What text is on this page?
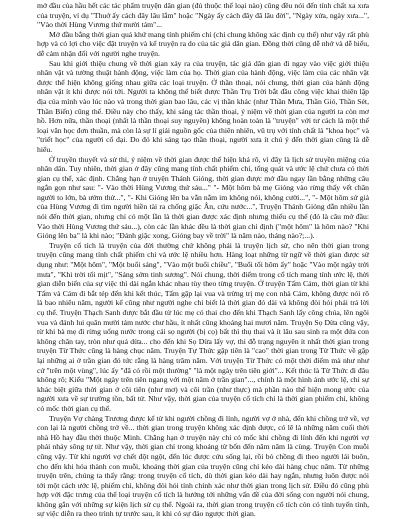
mở đầu của hầu hết các tác phẩm truyện dân gian (đủ thuộc thể loại nào) cũng đều nói đến tính chất xa xưa của truyện, ví dụ "Thuở ấy cách đây lâu lắm" hoặc "Ngày ấy cách đây đã lâu đời", "Ngày xửa, ngày xưa...", "Vào thời Hùng Vương thứ mười tám"...

Mở đầu bằng thời gian quá khứ mang tính phiếm chỉ (chỉ chung không xác định cụ thể) như vậy rất phù hợp và có lợi cho việc đặt truyện và kể truyện ra do của tác giả dân gian. Đồng thời cũng dễ nhớ và dễ hiểu, dễ cảm nhận đối với người nghe truyện.

Sau khi giới thiệu chung về thời gian xảy ra của truyện, tác giả dân gian đi ngay vào việc giới thiệu nhân vật và tường thuật hành động, việc làm của họ. Thời gian của hành động, việc làm của các nhân vật được thể hiện không giống nhau giữa các loại truyện. Ở thần thoại, nói chung, thời gian của hành động nhân vật ít khi được nói tới. Người ta không thể biết được Thần Trụ Trời bắt đầu công việc khai thiên lập địa của mình vào lúc nào và trong thời gian bao lâu, các vị thần khác (như Thần Mưa, Thần Gió, Thần Sét, Thần Biển) cũng thế. Điều này cho thấy, khi sáng tác thần thoại, ý niệm về thời gian của người ta còn mơ hồ. Hơn nữa, thần thoại (nhất là thần thoại suy nguyên) không hoàn toàn là "truyện" với tư cách là một thể loại văn học đơn thuần, mà còn là sự lí giải nguồn gốc của thiên nhiên, vũ trụ với tính chất là "khoa học" và "triết học" của người cổ đại. Do đó khi sáng tạo thần thoại, người xưa ít chú ý đến thời gian cũng là dễ hiểu.

Ở truyền thuyết và sử thi, ý niệm về thời gian được thể hiện khá rõ, vì đây là lịch sử truyền miệng của nhân dân. Tuy nhiên, thời gian ở đây cũng mang tính chất phiếm chỉ, tổng quát và ước lệ chứ chưa có thời gian cụ thể, xác định. Chẳng hạn ở truyện Thánh Gióng, thời gian được mở đầu ngay lần bằng những câu ngắn gọn như sau: "- Vào thời Hùng Vương thứ sáu..." "- Một hôm bà mẹ Gióng vào rừng thấy vết chân người to lớn, bà ướm thử...", "- Khi Gióng lên ba vẫn nằm im không nói, không cười...", "- Một hôm sứ giả của Hùng Vương đi tìm người hiền tài ra chống giặc Ân, cứu nước...", Truyện Thánh Gióng dẫn nhiều lần nói đến thời gian, nhưng chỉ có một lần là thời gian được xác định nhưng thiếu cụ thể (đó là câu mở đầu: Vào thời Hùng Vương thứ sáu...), còn các lần khác đều là thời gian chỉ định ("một hôm" là hôm nào? "Khi Gióng lên ba" là khi nào; "Đánh giặc xong, Gióng bay về trời" là năm nào, tháng nào?;...).

Truyện cổ tích là truyện của đời thường chứ không phải là truyện lịch sử, cho nên thời gian trong truyện cũng mang tính chất phiếm chỉ và ước lệ nhiều hơn. Hàng loạt những từ ngữ về thời gian được sử dụng như: "Một hôm", "Một buổi sáng", "Vào một buổi chiều", "Buổi tối hôm ấy" hoặc "Vào một ngày trời mưa", "Khi trời tối mịt", "Sáng sớm tinh sương". Nói chung, thời điểm trong cổ tích mang tính ước lệ, thời gian diễn biến của sự việc thì dài ngắn khác nhau tùy theo từng truyện. Ở truyện Tấm Cám, thời gian từ khi Tấm và Cám đi bắt tép đến khi kết thúc, Tấm gặp lại vua và trừng trị mẹ con nhà Cám, không được nói rõ là bao nhiêu năm, người kể cũng như người nghe chỉ biết là thời gian đó dài và không đòi hỏi phải trả lời cụ thể. Truyện Thạch Sanh được bắt đầu từ lúc mẹ có thai cho đến khi Thạch Sanh lấy công chúa, lên ngôi vua và đánh lui quân mười tám nước chư hầu, ít nhất cũng khoảng hai mươi năm. Truyện Sọ Dừa cũng vậy, từ khi bà mẹ đi rừng uống nước trong cái sọ người (bị cọ) bất thì thụ thai và ít lâu sau sinh ra một đứa con không chân tay, tròn như quả dừa... cho đến khi Sọ Dừa lấy vợ, thi đỗ trạng nguyên ít nhất thời gian trong truyện Từ Thức cũng là hàng chục năm. Truyện Tự Thức gặp tiên là "cao" thời gian trong Từ Thức về gặp lại những ai ở trần gian đó tức rằng là hàng trăm năm. Với truyện Từ Thức có một thời điểm mà như như cứ "trên một vùng", lúc ấy "đã có rồi một thường" "là một ngày trên tiên giới"... Kết thúc là Từ Thức đi đâu không rõ; Kiểu "Một ngày trên tiên ngang với một năm ở trần gian"..., chính là một hình ảnh ước lệ, chỉ sự khác biệt giữa thời gian ở cõi tiên (như mơ) và cõi trần (như thực) mà phần nào thể hiện mong ước của người xưa về sự trường tồn, bất tử. Như vậy, thời gian của truyện cổ tích chỉ là thời gian phiếm chỉ, không có mốc thời gian cụ thể.

Truyện Vợ chàng Trương được kể từ khi người chồng đi lính, người vợ ở nhà, đến khi chồng trở về, vợ con lại là người chồng trở về... thời gian trong truyện không xác định được, có lẽ là những năm cuối thời nhà Hồ hay đầu thời thuộc Minh. Chẳng hạn ở truyện này chỉ có mốc khi chồng đi lính đến khi người vợ phải nhảy sông tự tử. Như vậy, thời gian chỉ trong khoảng từ bốn đến năm năm là cùng. Truyện Con muỗi cũng vậy. Từ khi người vợ chết đột ngột, đến lúc được cứu sống lại, rồi bỏ chồng đi theo người lái buôn, cho đến khi hóa thành con muỗi, khoảng thời gian của truyện cũng chỉ kéo dài hàng chục năm. Từ những truyện trên, chúng ta thấy rằng: trong truyện cổ tích, dù thời gian kéo dài hay ngắn, nhưng luôn được nói tới một cách ước lệ, phiếm chỉ, không đòi hỏi tính chính xác như thời gian trong lịch sử. Điều đó cũng phù hợp với đặc trưng của thể loại truyện cổ tích là hướng tới những vấn đề của đời sống con người nói chung, không gắn với những sự kiện lịch sử cụ thể. Ngoài ra, thời gian trong truyện cổ tích còn có tính tuyến tính, sự việc diễn ra theo trình tự trước sau, ít khi có sự đảo ngược thời gian.
